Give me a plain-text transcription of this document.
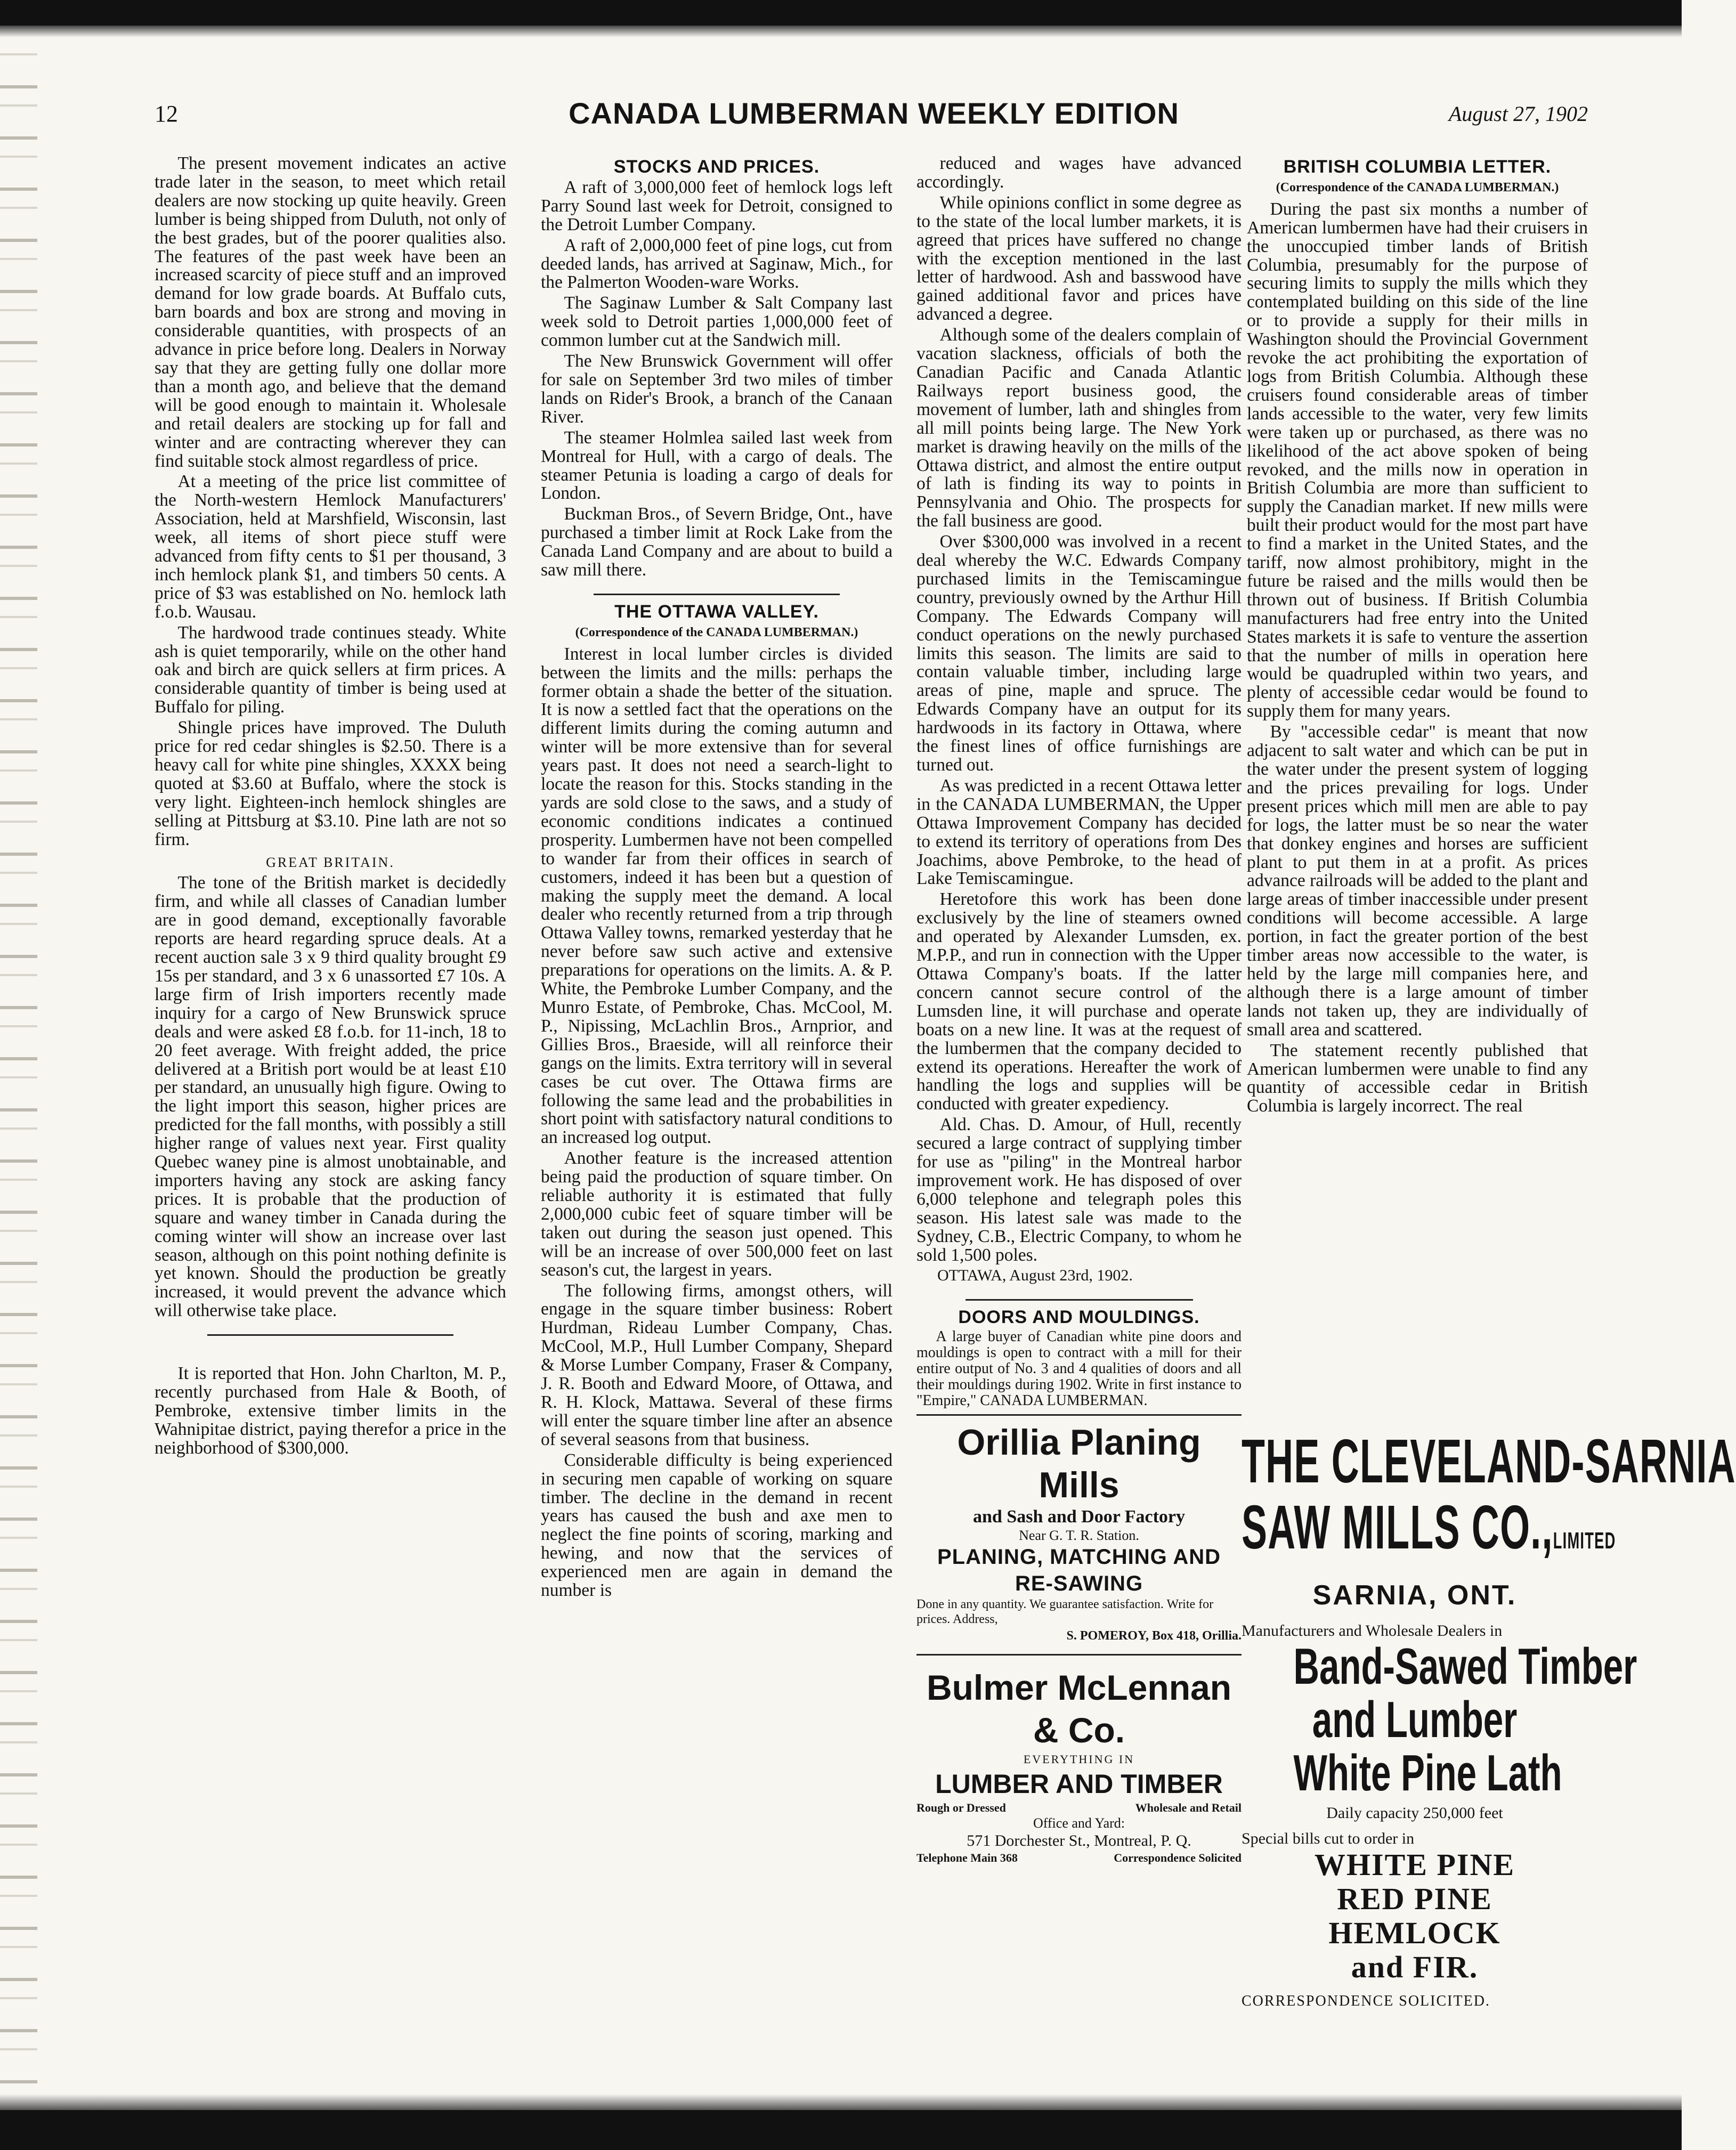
12	CANADA LUMBERMAN WEEKLY EDITION	August 27, 1902

The present movement indicates an active trade later in the season, to meet which retail dealers are now stocking up quite heavily. Green lumber is being shipped from Duluth, not only of the best grades, but of the poorer qualities also. The features of the past week have been an increased scarcity of piece stuff and an improved demand for low grade boards. At Buffalo cuts, barn boards and box are strong and moving in considerable quantities, with prospects of an advance in price before long. Dealers in Norway say that they are getting fully one dollar more than a month ago, and believe that the demand will be good enough to maintain it. Wholesale and retail dealers are stocking up for fall and winter and are contracting wherever they can find suitable stock almost regardless of price.

At a meeting of the price list committee of the North-western Hemlock Manufacturers' Association, held at Marshfield, Wisconsin, last week, all items of short piece stuff were advanced from fifty cents to $1 per thousand, 3 inch hemlock plank $1, and timbers 50 cents. A price of $3 was established on No. hemlock lath f.o.b. Wausau.

The hardwood trade continues steady. White ash is quiet temporarily, while on the other hand oak and birch are quick sellers at firm prices. A considerable quantity of timber is being used at Buffalo for piling.

Shingle prices have improved. The Duluth price for red cedar shingles is $2.50. There is a heavy call for white pine shingles, XXXX being quoted at $3.60 at Buffalo, where the stock is very light. Eighteen-inch hemlock shingles are selling at Pittsburg at $3.10. Pine lath are not so firm.

GREAT BRITAIN.

The tone of the British market is decidedly firm, and while all classes of Canadian lumber are in good demand, exceptionally favorable reports are heard regarding spruce deals. At a recent auction sale 3 x 9 third quality brought £9 15s per standard, and 3 x 6 unassorted £7 10s. A large firm of Irish importers recently made inquiry for a cargo of New Brunswick spruce deals and were asked £8 f.o.b. for 11-inch, 18 to 20 feet average. With freight added, the price delivered at a British port would be at least £10 per standard, an unusually high figure. Owing to the light import this season, higher prices are predicted for the fall months, with possibly a still higher range of values next year. First quality Quebec waney pine is almost unobtainable, and importers having any stock are asking fancy prices. It is probable that the production of square and waney timber in Canada during the coming winter will show an increase over last season, although on this point nothing definite is yet known. Should the production be greatly increased, it would prevent the advance which will otherwise take place.

It is reported that Hon. John Charlton, M. P., recently purchased from Hale & Booth, of Pembroke, extensive timber limits in the Wahnipitae district, paying therefor a price in the neighborhood of $300,000.

STOCKS AND PRICES.

A raft of 3,000,000 feet of hemlock logs left Parry Sound last week for Detroit, consigned to the Detroit Lumber Company.

A raft of 2,000,000 feet of pine logs, cut from deeded lands, has arrived at Saginaw, Mich., for the Palmerton Wooden-ware Works.

The Saginaw Lumber & Salt Company last week sold to Detroit parties 1,000,000 feet of common lumber cut at the Sandwich mill.

The New Brunswick Government will offer for sale on September 3rd two miles of timber lands on Rider's Brook, a branch of the Canaan River.

The steamer Holmlea sailed last week from Montreal for Hull, with a cargo of deals. The steamer Petunia is loading a cargo of deals for London.

Buckman Bros., of Severn Bridge, Ont., have purchased a timber limit at Rock Lake from the Canada Land Company and are about to build a saw mill there.

THE OTTAWA VALLEY.
(Correspondence of the CANADA LUMBERMAN.)

Interest in local lumber circles is divided between the limits and the mills: perhaps the former obtain a shade the better of the situation. It is now a settled fact that the operations on the different limits during the coming autumn and winter will be more extensive than for several years past. It does not need a search-light to locate the reason for this. Stocks standing in the yards are sold close to the saws, and a study of economic conditions indicates a continued prosperity. Lumbermen have not been compelled to wander far from their offices in search of customers, indeed it has been but a question of making the supply meet the demand. A local dealer who recently returned from a trip through Ottawa Valley towns, remarked yesterday that he never before saw such active and extensive preparations for operations on the limits. A. & P. White, the Pembroke Lumber Company, and the Munro Estate, of Pembroke, Chas. McCool, M. P., Nipissing, McLachlin Bros., Arnprior, and Gillies Bros., Braeside, will all reinforce their gangs on the limits. Extra territory will in several cases be cut over. The Ottawa firms are following the same lead and the probabilities in short point with satisfactory natural conditions to an increased log output.

Another feature is the increased attention being paid the production of square timber. On reliable authority it is estimated that fully 2,000,000 cubic feet of square timber will be taken out during the season just opened. This will be an increase of over 500,000 feet on last season's cut, the largest in years.

The following firms, amongst others, will engage in the square timber business: Robert Hurdman, Rideau Lumber Company, Chas. McCool, M.P., Hull Lumber Company, Shepard & Morse Lumber Company, Fraser & Company, J. R. Booth and Edward Moore, of Ottawa, and R. H. Klock, Mattawa. Several of these firms will enter the square timber line after an absence of several seasons from that business.

Considerable difficulty is being experienced in securing men capable of working on square timber. The decline in the demand in recent years has caused the bush and axe men to neglect the fine points of scoring, marking and hewing, and now that the services of experienced men are again in demand the number is

reduced and wages have advanced accordingly.

While opinions conflict in some degree as to the state of the local lumber markets, it is agreed that prices have suffered no change with the exception mentioned in the last letter of hardwood. Ash and basswood have gained additional favor and prices have advanced a degree.

Although some of the dealers complain of vacation slackness, officials of both the Canadian Pacific and Canada Atlantic Railways report business good, the movement of lumber, lath and shingles from all mill points being large. The New York market is drawing heavily on the mills of the Ottawa district, and almost the entire output of lath is finding its way to points in Pennsylvania and Ohio. The prospects for the fall business are good.

Over $300,000 was involved in a recent deal whereby the W.C. Edwards Company purchased limits in the Temiscamingue country, previously owned by the Arthur Hill Company. The Edwards Company will conduct operations on the newly purchased limits this season. The limits are said to contain valuable timber, including large areas of pine, maple and spruce. The Edwards Company have an output for its hardwoods in its factory in Ottawa, where the finest lines of office furnishings are turned out.

As was predicted in a recent Ottawa letter in the CANADA LUMBERMAN, the Upper Ottawa Improvement Company has decided to extend its territory of operations from Des Joachims, above Pembroke, to the head of Lake Temiscamingue.

Heretofore this work has been done exclusively by the line of steamers owned and operated by Alexander Lumsden, ex. M.P.P., and run in connection with the Upper Ottawa Company's boats. If the latter concern cannot secure control of the Lumsden line, it will purchase and operate boats on a new line. It was at the request of the lumbermen that the company decided to extend its operations. Hereafter the work of handling the logs and supplies will be conducted with greater expediency.

Ald. Chas. D. Amour, of Hull, recently secured a large contract of supplying timber for use as "piling" in the Montreal harbor improvement work. He has disposed of over 6,000 telephone and telegraph poles this season. His latest sale was made to the Sydney, C.B., Electric Company, to whom he sold 1,500 poles.

OTTAWA, August 23rd, 1902.

DOORS AND MOULDINGS.

A large buyer of Canadian white pine doors and mouldings is open to contract with a mill for their entire output of No. 3 and 4 qualities of doors and all their mouldings during 1902. Write in first instance to "Empire," CANADA LUMBERMAN.

Orillia Planing Mills
and Sash and Door Factory
Near G. T. R. Station.
PLANING, MATCHING AND RE-SAWING
Done in any quantity. We guarantee satisfaction. Write for prices. Address,
S. POMEROY, Box 418, Orillia.
Bulmer McLennan & Co.
EVERYTHING IN
LUMBER AND TIMBER
Rough or Dressed	Wholesale and Retail
Office and Yard:
571 Dorchester St., Montreal, P. Q.
Telephone Main 368	Correspondence Solicited
BRITISH COLUMBIA LETTER.
(Correspondence of the CANADA LUMBERMAN.)

During the past six months a number of American lumbermen have had their cruisers in the unoccupied timber lands of British Columbia, presumably for the purpose of securing limits to supply the mills which they contemplated building on this side of the line or to provide a supply for their mills in Washington should the Provincial Government revoke the act prohibiting the exportation of logs from British Columbia. Although these cruisers found considerable areas of timber lands accessible to the water, very few limits were taken up or purchased, as there was no likelihood of the act above spoken of being revoked, and the mills now in operation in British Columbia are more than sufficient to supply the Canadian market. If new mills were built their product would for the most part have to find a market in the United States, and the tariff, now almost prohibitory, might in the future be raised and the mills would then be thrown out of business. If British Columbia manufacturers had free entry into the United States markets it is safe to venture the assertion that the number of mills in operation here would be quadrupled within two years, and plenty of accessible cedar would be found to supply them for many years.

By "accessible cedar" is meant that now adjacent to salt water and which can be put in the water under the present system of logging and the prices prevailing for logs. Under present prices which mill men are able to pay for logs, the latter must be so near the water that donkey engines and horses are sufficient plant to put them in at a profit. As prices advance railroads will be added to the plant and large areas of timber inaccessible under present conditions will become accessible. A large portion, in fact the greater portion of the best timber areas now accessible to the water, is held by the large mill companies here, and although there is a large amount of timber lands not taken up, they are individually of small area and scattered.

The statement recently published that American lumbermen were unable to find any quantity of accessible cedar in British Columbia is largely incorrect. The real

THE CLEVELAND-SARNIA
SAW MILLS CO.,LIMITED
SARNIA, ONT.
Manufacturers and Wholesale Dealers in
Band-Sawed Timber
and Lumber
White Pine Lath
Daily capacity 250,000 feet
Special bills cut to order in
WHITE PINE
RED PINE
HEMLOCK
and FIR.
CORRESPONDENCE SOLICITED.
